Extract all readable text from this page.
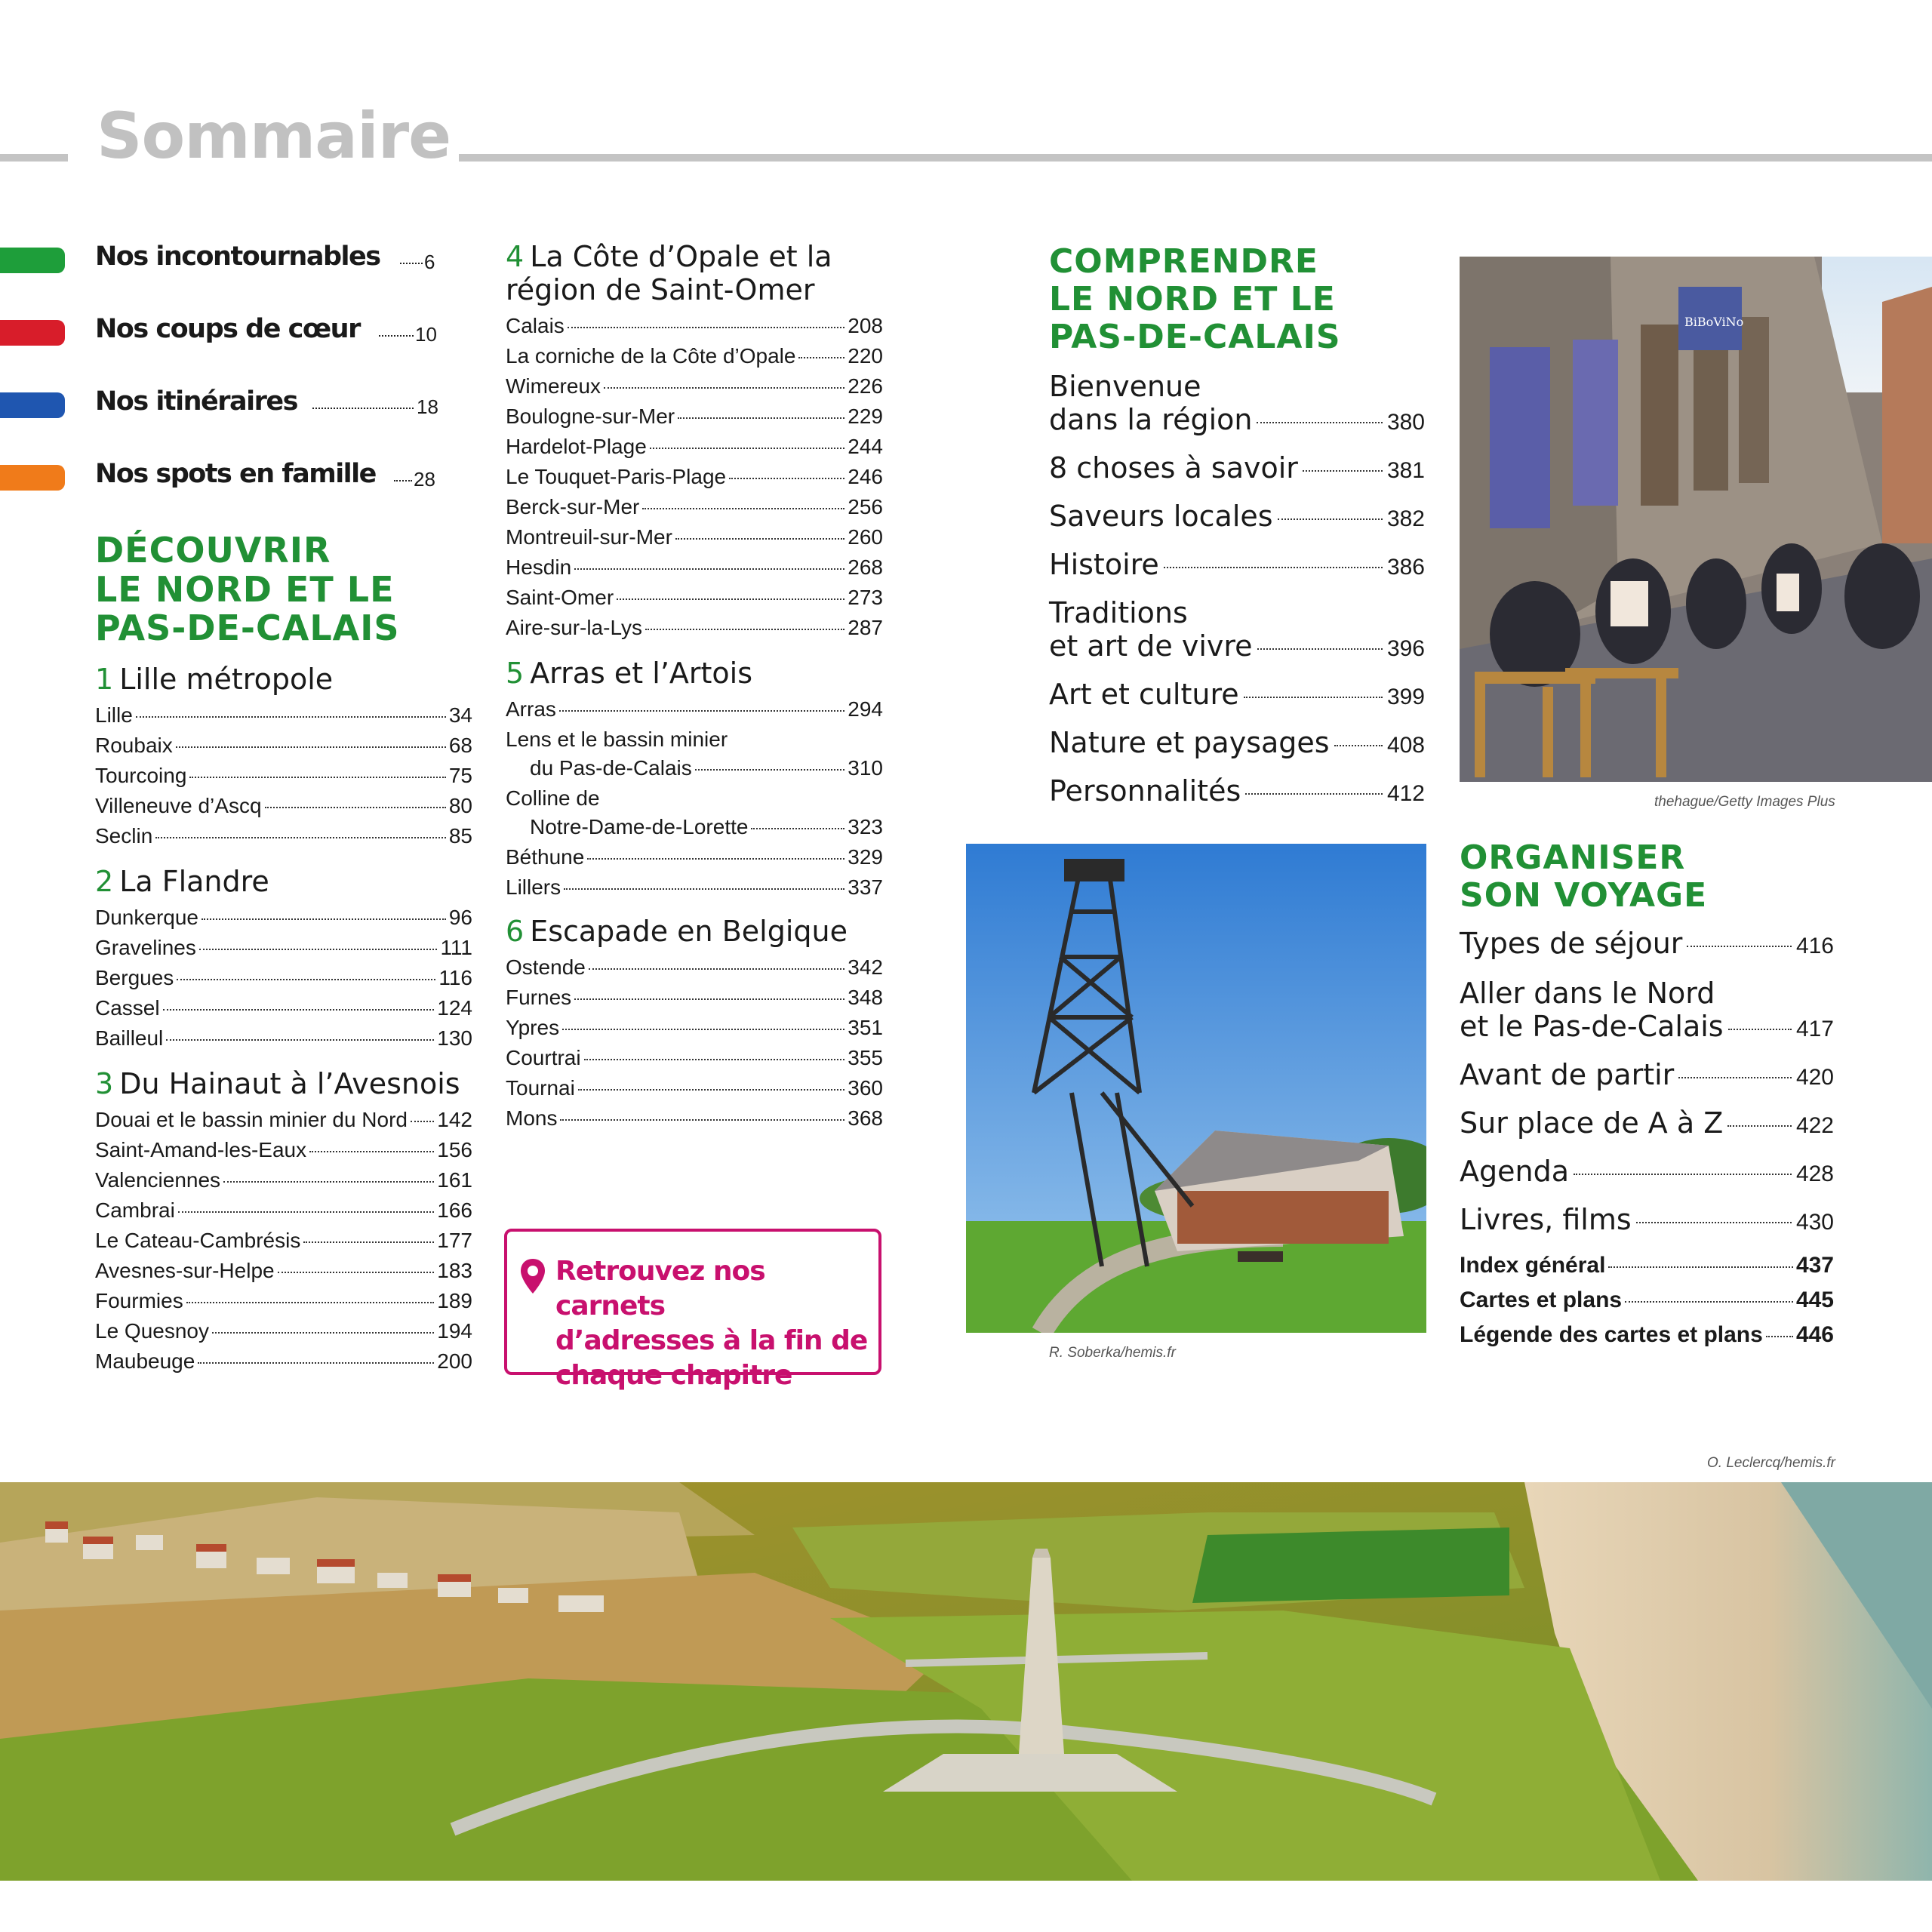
Sommaire
Nos incontournables 6
Nos coups de cœur	10
Nos itinéraires	18
Nos spots en famille 28
DÉCOUVRIR
LE NORD ET LE
PAS-DE-CALAIS
1 Lille métropole
Lille	34
Roubaix	68
Tourcoing	75
Villeneuve d’Ascq	80
Seclin	85
2 La Flandre
Dunkerque	96
Gravelines	111
Bergues	116
Cassel	124
Bailleul	130
3 Du Hainaut à l’Avesnois
Douai et le bassin minier du Nord 142
Saint-Amand-les-Eaux	156
Valenciennes	161
Cambrai	166
Le Cateau-Cambrésis	177
Avesnes-sur-Helpe	183
Fourmies	189
Le Quesnoy	194
Maubeuge	200
4 La Côte d’Opale et la
région de Saint-Omer
Calais	208
La corniche de la Côte d’Opale 220
Wimereux	226
Boulogne-sur-Mer	229
Hardelot-Plage	244
Le Touquet-Paris-Plage	246
Berck-sur-Mer	256
Montreuil-sur-Mer	260
Hesdin	268
Saint-Omer	273
Aire-sur-la-Lys	287
5 Arras et l’Artois
Arras	294
Lens et le bassin minier
du Pas-de-Calais	310
Colline de
Notre-Dame-de-Lorette	323
Béthune	329
Lillers	337
6 Escapade en Belgique
Ostende	342
Furnes	348
Ypres	351
Courtrai	355
Tournai	360
Mons	368
Retrouvez nos carnets
d’adresses à la fin de
chaque chapitre
COMPRENDRE
LE NORD ET LE
PAS-DE-CALAIS
Bienvenue
dans la région	380
8 choses à savoir	381
Saveurs locales	382
Histoire	386
Traditions
et art de vivre	396
Art et culture	399
Nature et paysages	408
Personnalités	412
BiBoViNo
thehague/Getty Images Plus
R. Soberka/hemis.fr
ORGANISER
SON VOYAGE
Types de séjour	416
Aller dans le Nord
et le Pas-de-Calais	417
Avant de partir	420
Sur place de A à Z	422
Agenda	428
Livres, films	430
Index général	437
Cartes et plans	445
Légende des cartes et plans 446
O. Leclercq/hemis.fr
